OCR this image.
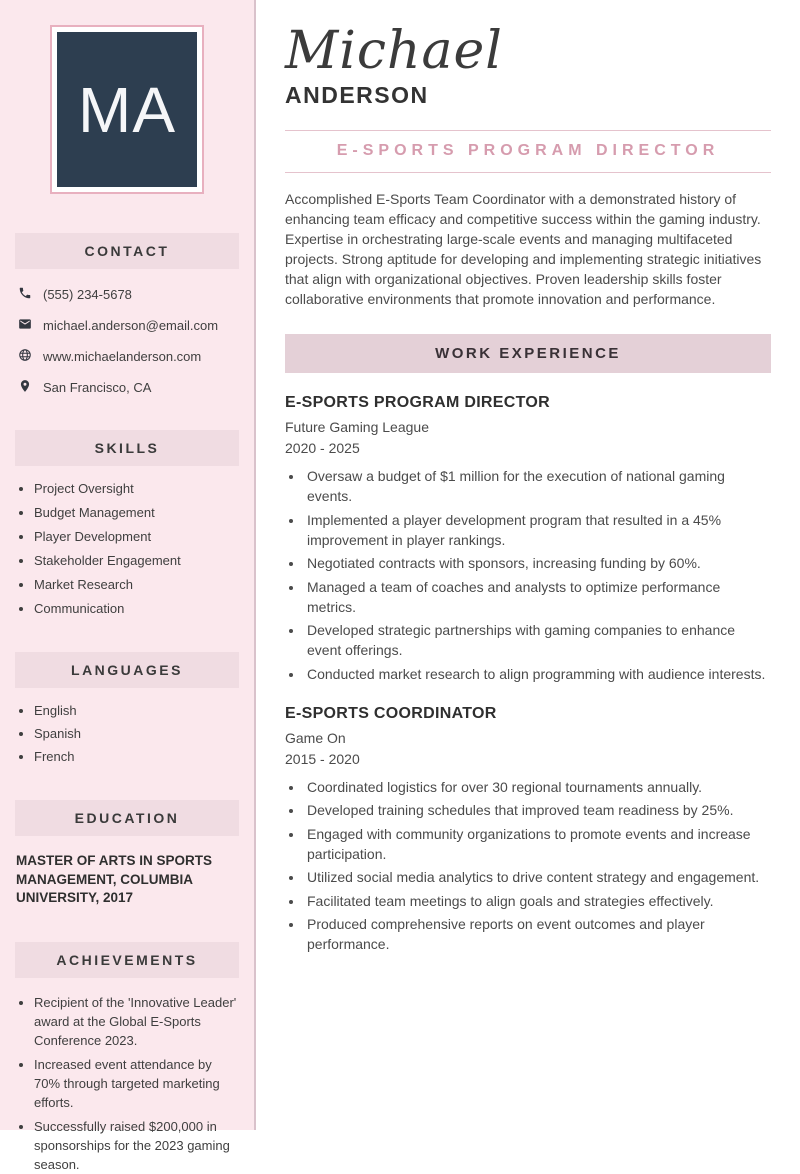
MA
CONTACT
(555) 234-5678
michael.anderson@email.com
www.michaelanderson.com
San Francisco, CA
SKILLS
• Project Oversight
• Budget Management
• Player Development
• Stakeholder Engagement
• Market Research
• Communication
LANGUAGES
• English
• Spanish
• French
EDUCATION
MASTER OF ARTS IN SPORTS MANAGEMENT, COLUMBIA UNIVERSITY, 2017
ACHIEVEMENTS
• Recipient of the 'Innovative Leader' award at the Global E-Sports Conference 2023.
• Increased event attendance by 70% through targeted marketing efforts.
• Successfully raised $200,000 in sponsorships for the 2023 gaming season.
Michael
ANDERSON
E-SPORTS PROGRAM DIRECTOR

Accomplished E-Sports Team Coordinator with a demonstrated history of enhancing team efficacy and competitive success within the gaming industry. Expertise in orchestrating large-scale events and managing multifaceted projects. Strong aptitude for developing and implementing strategic initiatives that align with organizational objectives. Proven leadership skills foster collaborative environments that promote innovation and performance.

WORK EXPERIENCE
E-SPORTS PROGRAM DIRECTOR
Future Gaming League
2020 - 2025
• Oversaw a budget of $1 million for the execution of national gaming events.
• Implemented a player development program that resulted in a 45% improvement in player rankings.
• Negotiated contracts with sponsors, increasing funding by 60%.
• Managed a team of coaches and analysts to optimize performance metrics.
• Developed strategic partnerships with gaming companies to enhance event offerings.
• Conducted market research to align programming with audience interests.
E-SPORTS COORDINATOR
Game On
2015 - 2020
• Coordinated logistics for over 30 regional tournaments annually.
• Developed training schedules that improved team readiness by 25%.
• Engaged with community organizations to promote events and increase participation.
• Utilized social media analytics to drive content strategy and engagement.
• Facilitated team meetings to align goals and strategies effectively.
• Produced comprehensive reports on event outcomes and player performance.
